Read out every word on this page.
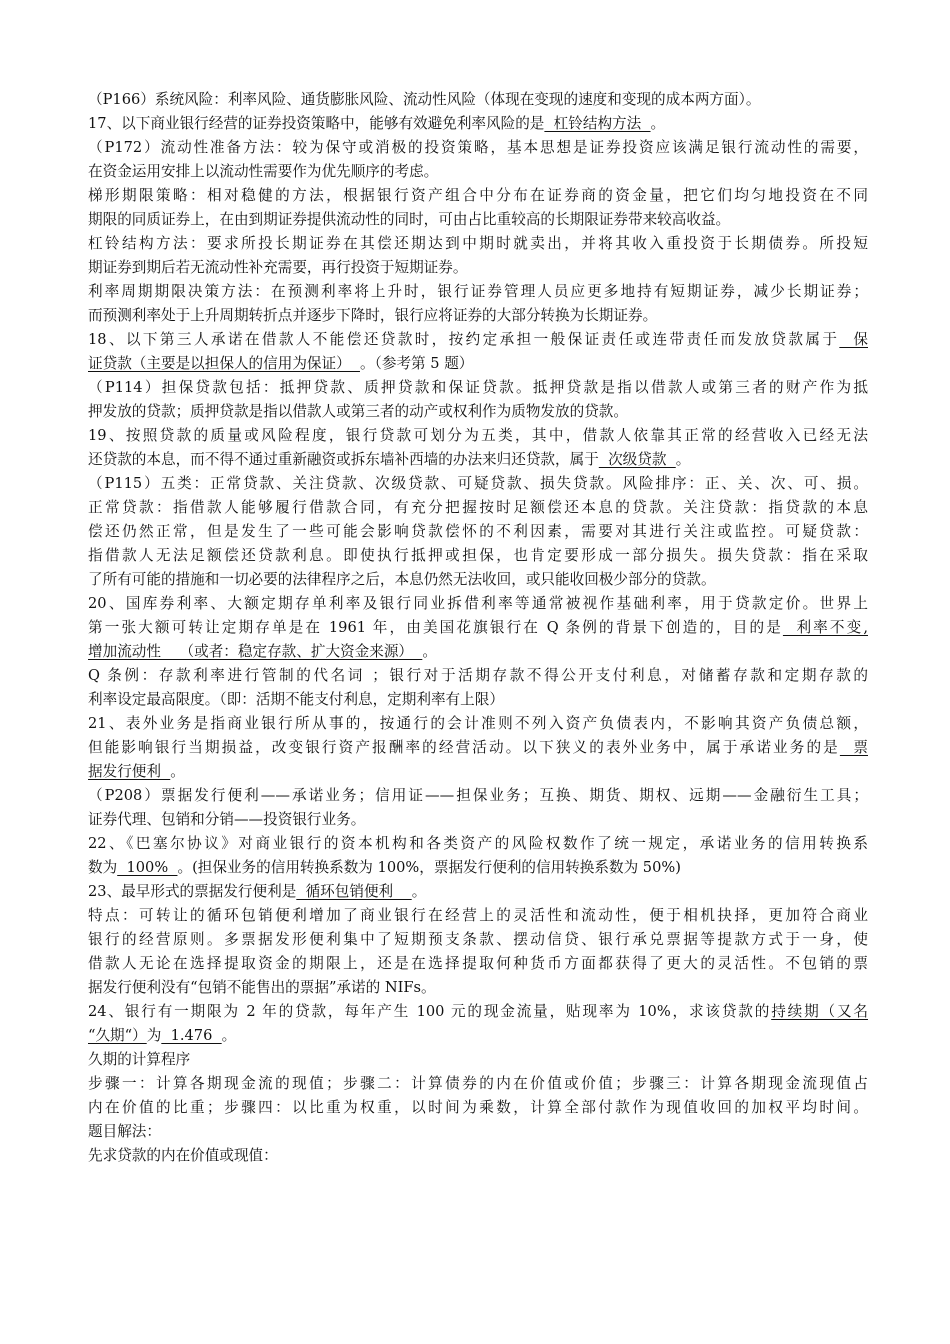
（P166）系统风险：利率风险、通货膨胀风险、流动性风险（体现在变现的速度和变现的成本两方面）。
17、以下商业银行经营的证券投资策略中，能够有效避免利率风险的是  杠铃结构方法  。
（P172）流动性准备方法：较为保守或消极的投资策略，基本思想是证券投资应该满足银行流动性的需要，
在资金运用安排上以流动性需要作为优先顺序的考虑。
梯形期限策略：相对稳健的方法，根据银行资产组合中分布在证券商的资金量，把它们均匀地投资在不同
期限的同质证券上，在由到期证券提供流动性的同时，可由占比重较高的长期限证券带来较高收益。
杠铃结构方法：要求所投长期证券在其偿还期达到中期时就卖出，并将其收入重投资于长期债券。所投短
期证券到期后若无流动性补充需要，再行投资于短期证券。
利率周期期限决策方法：在预测利率将上升时，银行证券管理人员应更多地持有短期证券，减少长期证券；
而预测利率处于上升周期转折点并逐步下降时，银行应将证券的大部分转换为长期证券。
18、以下第三人承诺在借款人不能偿还贷款时，按约定承担一般保证责任或连带责任而发放贷款属于  保
证贷款（主要是以担保人的信用为保证）  。（参考第 5 题）
（P114）担保贷款包括：抵押贷款、质押贷款和保证贷款。抵押贷款是指以借款人或第三者的财产作为抵
押发放的贷款；质押贷款是指以借款人或第三者的动产或权利作为质物发放的贷款。
19、按照贷款的质量或风险程度，银行贷款可划分为五类，其中，借款人依靠其正常的经营收入已经无法
还贷款的本息，而不得不通过重新融资或拆东墙补西墙的办法来归还贷款，属于  次级贷款  。
（P115）五类：正常贷款、关注贷款、次级贷款、可疑贷款、损失贷款。风险排序：正、关、次、可、损。
正常贷款：指借款人能够履行借款合同，有充分把握按时足额偿还本息的贷款。关注贷款：指贷款的本息
偿还仍然正常，但是发生了一些可能会影响贷款偿怀的不利因素，需要对其进行关注或监控。可疑贷款：
指借款人无法足额偿还贷款利息。即使执行抵押或担保，也肯定要形成一部分损失。损失贷款：指在采取
了所有可能的措施和一切必要的法律程序之后，本息仍然无法收回，或只能收回极少部分的贷款。
20、国库券利率、大额定期存单利率及银行同业拆借利率等通常被视作基础利率，用于贷款定价。世界上
第一张大额可转让定期存单是在 1961 年，由美国花旗银行在 Q 条例的背景下创造的，目的是  利率不变,
增加流动性    （或者：稳定存款、扩大资金来源）  。
Q 条例：存款利率进行管制的代名词 ；银行对于活期存款不得公开支付利息，对储蓄存款和定期存款的
利率设定最高限度。（即：活期不能支付利息，定期利率有上限）
21、表外业务是指商业银行所从事的，按通行的会计准则不列入资产负债表内，不影响其资产负债总额，
但能影响银行当期损益，改变银行资产报酬率的经营活动。以下狭义的表外业务中，属于承诺业务的是  票
据发行便利  。
（P208）票据发行便利——承诺业务；信用证——担保业务；互换、期货、期权、远期——金融衍生工具；
证券代理、包销和分销——投资银行业务。
22、《巴塞尔协议》对商业银行的资本机构和各类资产的风险权数作了统一规定，承诺业务的信用转换系
数为  100%  。(担保业务的信用转换系数为 100%，票据发行便利的信用转换系数为 50%)
23、最早形式的票据发行便利是  循环包销便利    。
特点：可转让的循环包销便利增加了商业银行在经营上的灵活性和流动性，便于相机抉择，更加符合商业
银行的经营原则。多票据发形便利集中了短期预支条款、摆动信贷、银行承兑票据等提款方式于一身，使
借款人无论在选择提取资金的期限上，还是在选择提取何种货币方面都获得了更大的灵活性。不包销的票
据发行便利没有“包销不能售出的票据”承诺的 NIFs。
24、银行有一期限为 2 年的贷款，每年产生 100 元的现金流量，贴现率为 10%，求该贷款的持续期（又名
“久期“）为  1.476  。
久期的计算程序
步骤一：计算各期现金流的现值；步骤二：计算债券的内在价值或价值；步骤三：计算各期现金流现值占
内在价值的比重；步骤四：以比重为权重，以时间为乘数，计算全部付款作为现值收回的加权平均时间。
题目解法：
先求贷款的内在价值或现值：
